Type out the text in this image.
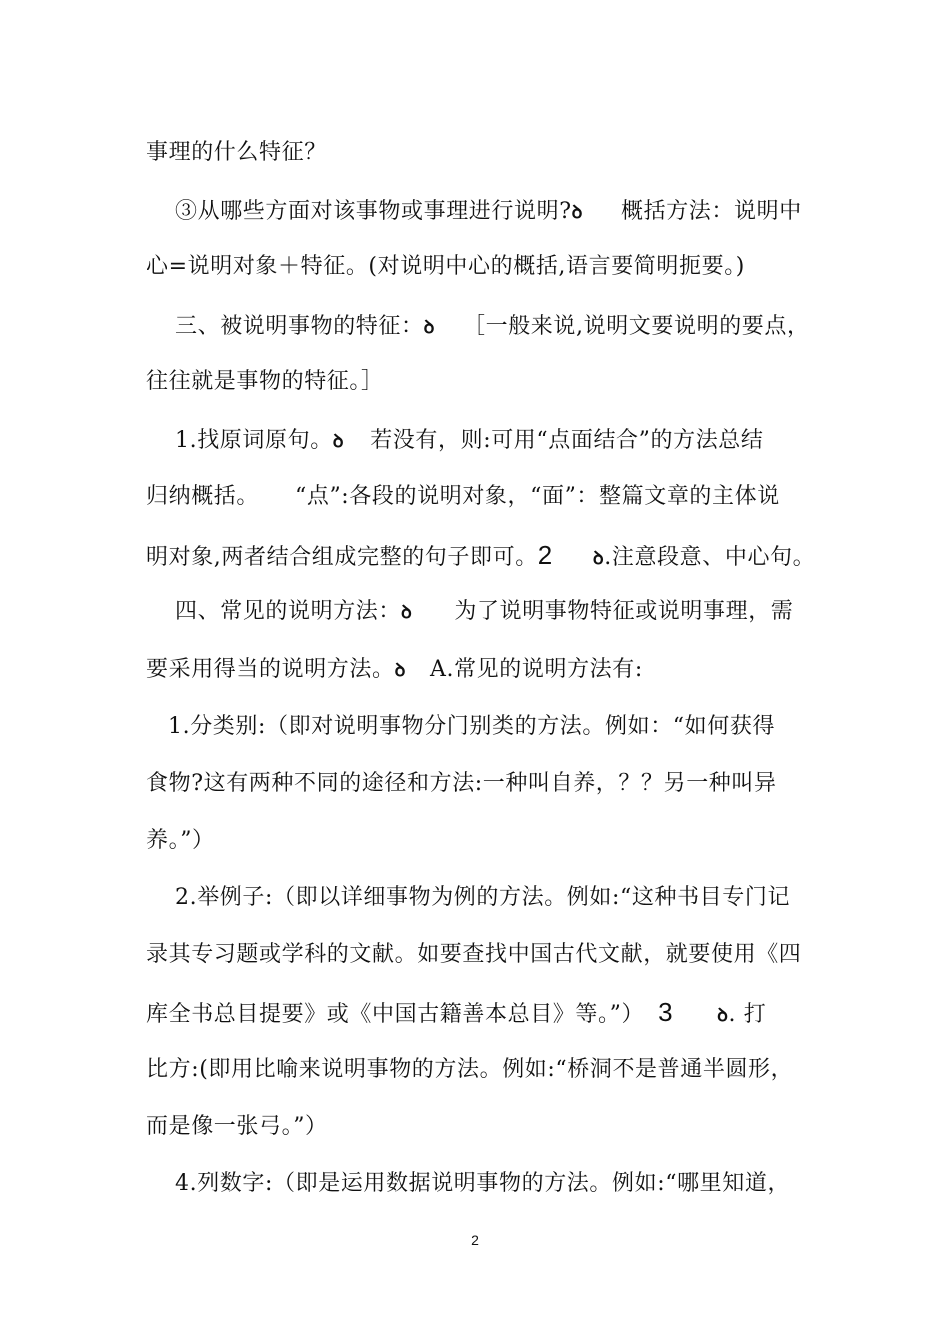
事理的什么特征？
③从哪些方面对该事物或事理进行说明?ꝺ 概括方法：说明中
心=说明对象＋特征。(对说明中心的概括,语言要简明扼要。)
三、被说明事物的特征：ꝺ ［一般来说,说明文要说明的要点，
往往就是事物的特征。］
1.找原词原句。ꝺ 若没有，则:可用“点面结合”的方法总结
归纳概括。 “点”:各段的说明对象，“面”：整篇文章的主体说
明对象,两者结合组成完整的句子即可。2 ꝺ.注意段意、中心句。
四、常见的说明方法：ꝺ 为了说明事物特征或说明事理，需
要采用得当的说明方法。ꝺ A.常见的说明方法有:
1.分类别:（即对说明事物分门别类的方法。例如：“如何获得
食物?这有两种不同的途径和方法:一种叫自养，？？另一种叫异
养。”）
2.举例子:（即以详细事物为例的方法。例如:“这种书目专门记
录其专习题或学科的文献。如要查找中国古代文献，就要使用《四
库全书总目提要》或《中国古籍善本总目》等。”） 3 ꝺ. 打
比方:(即用比喻来说明事物的方法。例如:“桥洞不是普通半圆形，
而是像一张弓。”）
4.列数字:（即是运用数据说明事物的方法。例如:“哪里知道，
2
